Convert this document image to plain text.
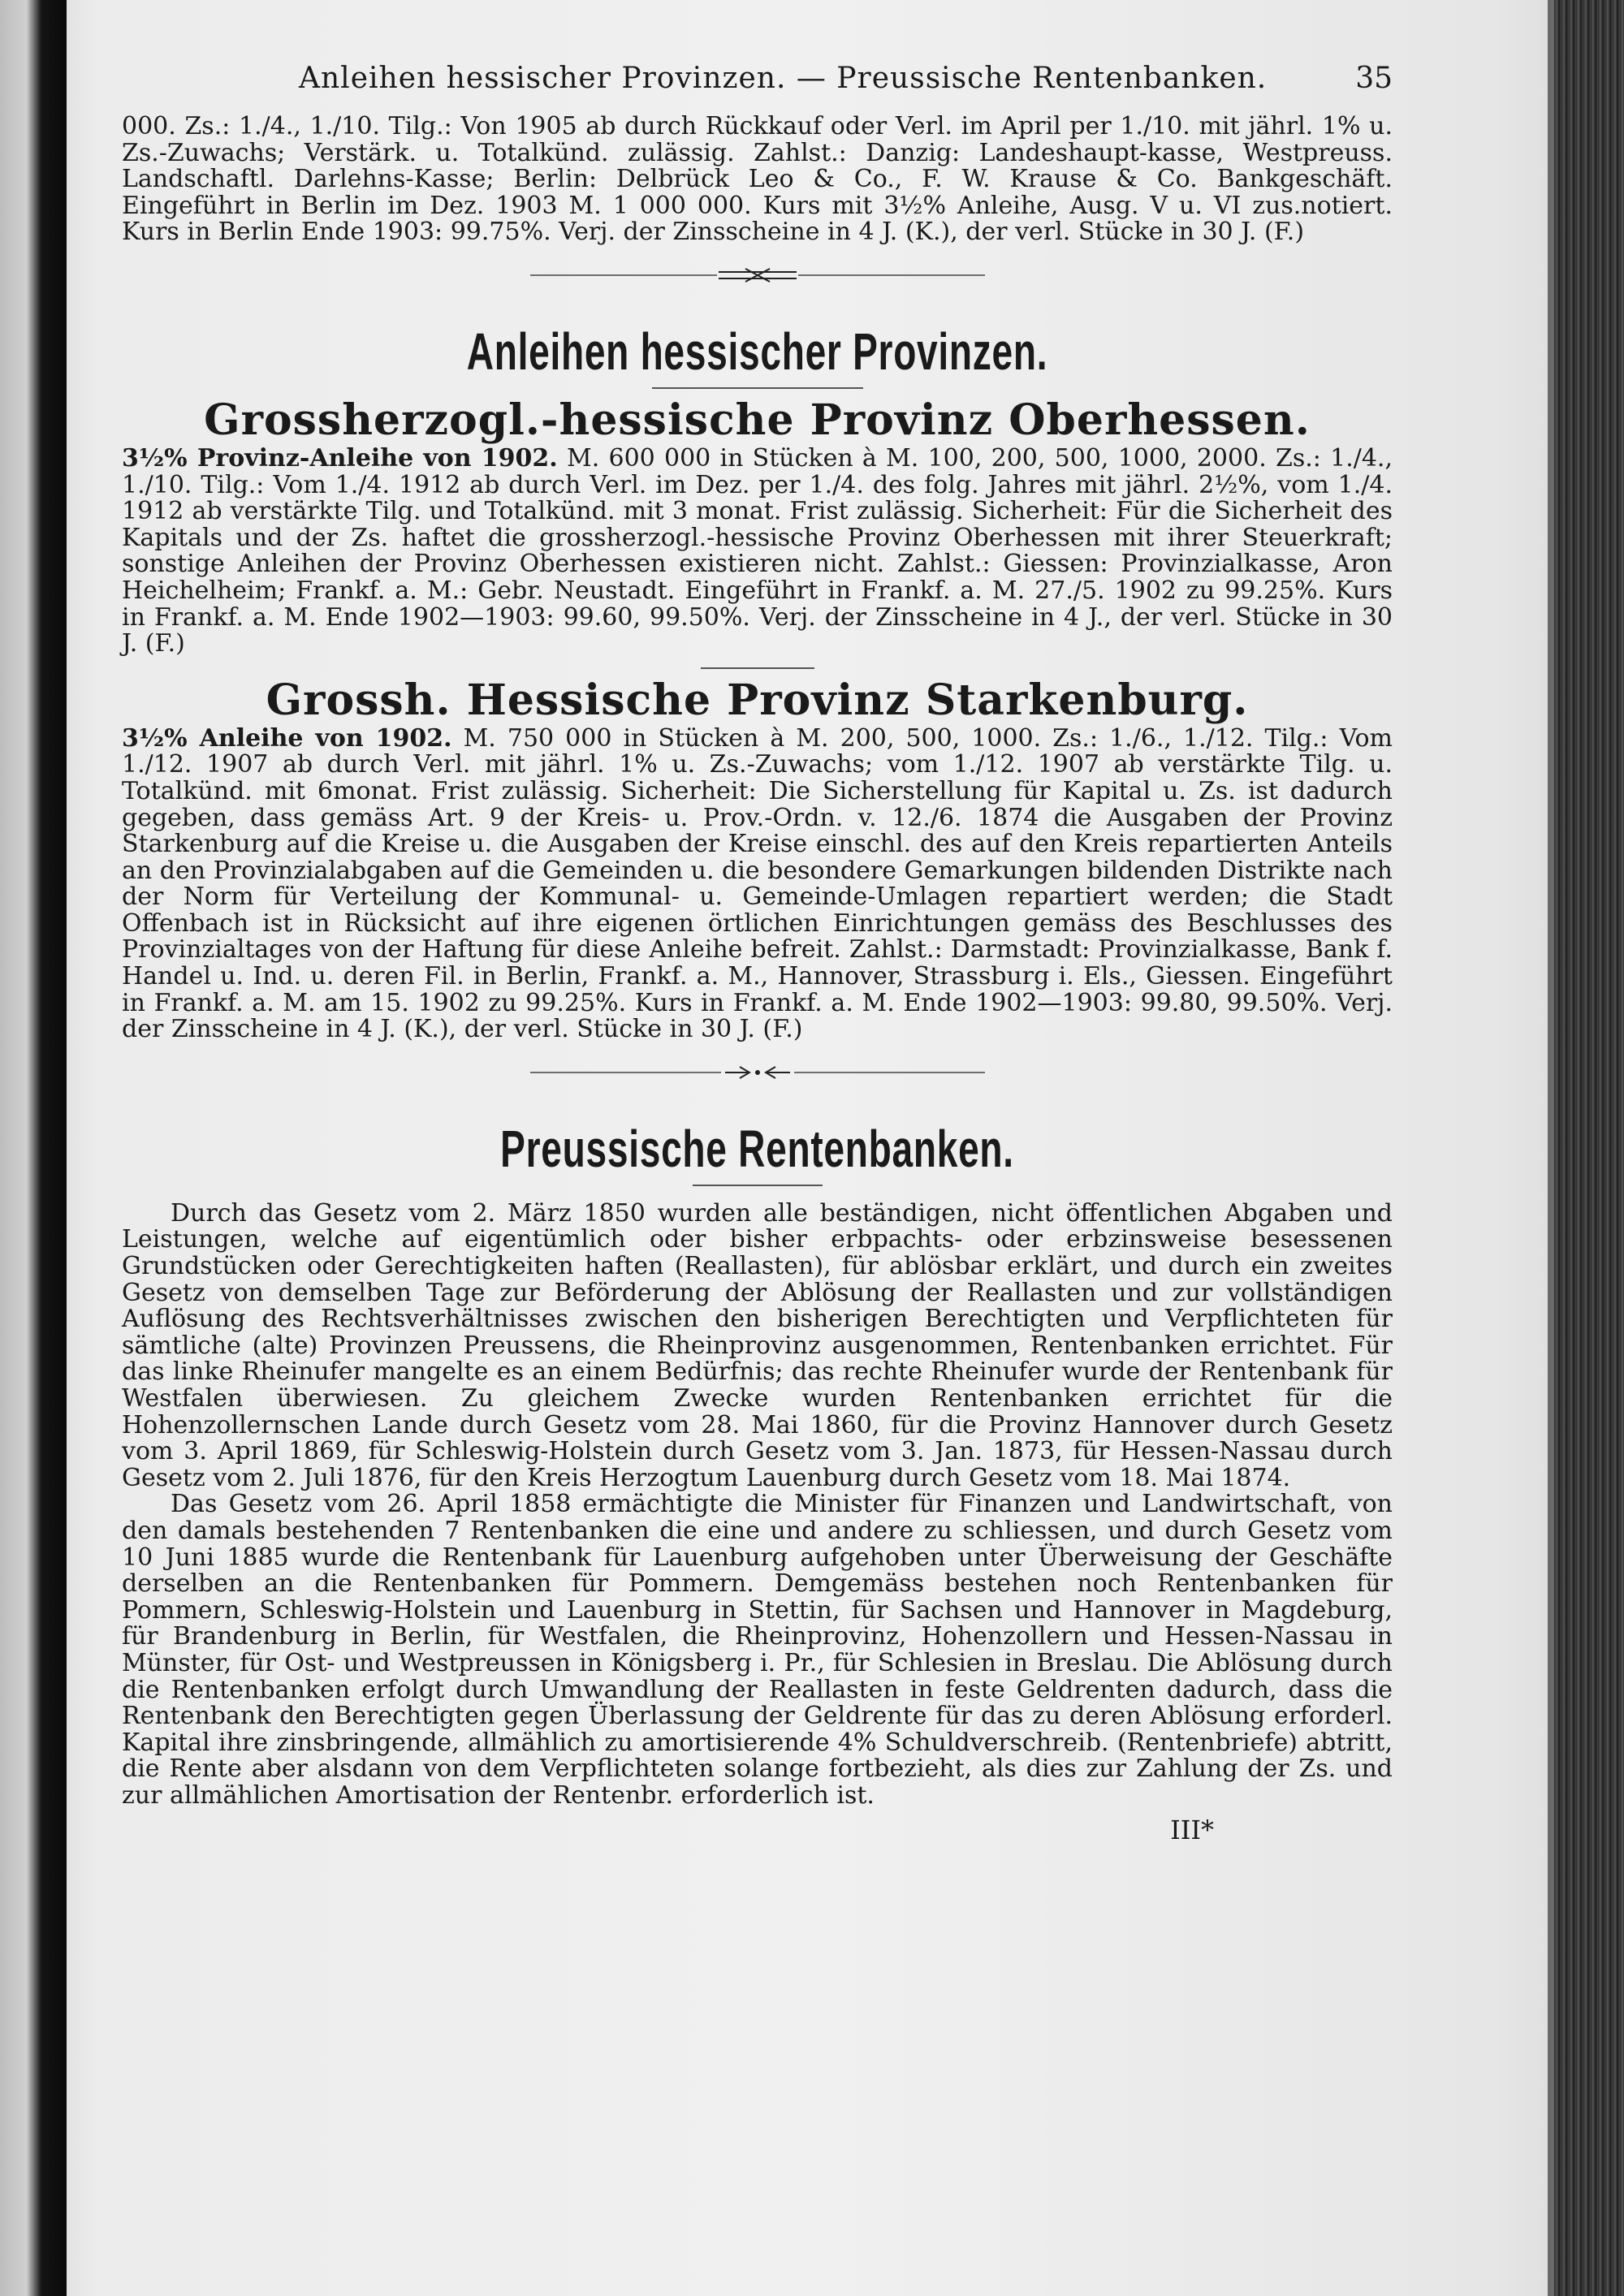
Anleihen hessischer Provinzen. — Preussische Rentenbanken.	35

000. Zs.: 1./4., 1./10. Tilg.: Von 1905 ab durch Rückkauf oder Verl. im April per 1./10. mit jährl. 1% u. Zs.-Zuwachs; Verstärk. u. Totalkünd. zulässig. Zahlst.: Danzig: Landeshaupt-kasse, Westpreuss. Landschaftl. Darlehns-Kasse; Berlin: Delbrück Leo & Co., F. W. Krause & Co. Bankgeschäft. Eingeführt in Berlin im Dez. 1903 M. 1 000 000. Kurs mit 3½% Anleihe, Ausg. V u. VI zus.notiert. Kurs in Berlin Ende 1903: 99.75%. Verj. der Zinsscheine in 4 J. (K.), der verl. Stücke in 30 J. (F.)

Anleihen hessischer Provinzen.
Grossherzogl.-hessische Provinz Oberhessen.

3½% Provinz-Anleihe von 1902. M. 600 000 in Stücken à M. 100, 200, 500, 1000, 2000. Zs.: 1./4., 1./10. Tilg.: Vom 1./4. 1912 ab durch Verl. im Dez. per 1./4. des folg. Jahres mit jährl. 2½%, vom 1./4. 1912 ab verstärkte Tilg. und Totalkünd. mit 3 monat. Frist zulässig. Sicherheit: Für die Sicherheit des Kapitals und der Zs. haftet die grossherzogl.-hessische Provinz Oberhessen mit ihrer Steuerkraft; sonstige Anleihen der Provinz Oberhessen existieren nicht. Zahlst.: Giessen: Provinzialkasse, Aron Heichelheim; Frankf. a. M.: Gebr. Neustadt. Eingeführt in Frankf. a. M. 27./5. 1902 zu 99.25%. Kurs in Frankf. a. M. Ende 1902—1903: 99.60, 99.50%. Verj. der Zinsscheine in 4 J., der verl. Stücke in 30 J. (F.)

Grossh. Hessische Provinz Starkenburg.

3½% Anleihe von 1902. M. 750 000 in Stücken à M. 200, 500, 1000. Zs.: 1./6., 1./12. Tilg.: Vom 1./12. 1907 ab durch Verl. mit jährl. 1% u. Zs.-Zuwachs; vom 1./12. 1907 ab verstärkte Tilg. u. Totalkünd. mit 6monat. Frist zulässig. Sicherheit: Die Sicherstellung für Kapital u. Zs. ist dadurch gegeben, dass gemäss Art. 9 der Kreis- u. Prov.-Ordn. v. 12./6. 1874 die Ausgaben der Provinz Starkenburg auf die Kreise u. die Ausgaben der Kreise einschl. des auf den Kreis repartierten Anteils an den Provinzialabgaben auf die Gemeinden u. die besondere Gemarkungen bildenden Distrikte nach der Norm für Verteilung der Kommunal- u. Gemeinde-Umlagen repartiert werden; die Stadt Offenbach ist in Rücksicht auf ihre eigenen örtlichen Einrichtungen gemäss des Beschlusses des Provinzialtages von der Haftung für diese Anleihe befreit. Zahlst.: Darmstadt: Provinzialkasse, Bank f. Handel u. Ind. u. deren Fil. in Berlin, Frankf. a. M., Hannover, Strassburg i. Els., Giessen. Eingeführt in Frankf. a. M. am 15. 1902 zu 99.25%. Kurs in Frankf. a. M. Ende 1902—1903: 99.80, 99.50%. Verj. der Zinsscheine in 4 J. (K.), der verl. Stücke in 30 J. (F.)

Preussische Rentenbanken.

Durch das Gesetz vom 2. März 1850 wurden alle beständigen, nicht öffentlichen Abgaben und Leistungen, welche auf eigentümlich oder bisher erbpachts- oder erbzinsweise besessenen Grundstücken oder Gerechtigkeiten haften (Reallasten), für ablösbar erklärt, und durch ein zweites Gesetz von demselben Tage zur Beförderung der Ablösung der Reallasten und zur vollständigen Auflösung des Rechtsverhältnisses zwischen den bisherigen Berechtigten und Verpflichteten für sämtliche (alte) Provinzen Preussens, die Rheinprovinz ausgenommen, Rentenbanken errichtet. Für das linke Rheinufer mangelte es an einem Bedürfnis; das rechte Rheinufer wurde der Rentenbank für Westfalen überwiesen. Zu gleichem Zwecke wurden Rentenbanken errichtet für die Hohenzollernschen Lande durch Gesetz vom 28. Mai 1860, für die Provinz Hannover durch Gesetz vom 3. April 1869, für Schleswig-Holstein durch Gesetz vom 3. Jan. 1873, für Hessen-Nassau durch Gesetz vom 2. Juli 1876, für den Kreis Herzogtum Lauenburg durch Gesetz vom 18. Mai 1874.

Das Gesetz vom 26. April 1858 ermächtigte die Minister für Finanzen und Landwirtschaft, von den damals bestehenden 7 Rentenbanken die eine und andere zu schliessen, und durch Gesetz vom 10 Juni 1885 wurde die Rentenbank für Lauenburg aufgehoben unter Überweisung der Geschäfte derselben an die Rentenbanken für Pommern. Demgemäss bestehen noch Rentenbanken für Pommern, Schleswig-Holstein und Lauenburg in Stettin, für Sachsen und Hannover in Magdeburg, für Brandenburg in Berlin, für Westfalen, die Rheinprovinz, Hohenzollern und Hessen-Nassau in Münster, für Ost- und Westpreussen in Königsberg i. Pr., für Schlesien in Breslau. Die Ablösung durch die Rentenbanken erfolgt durch Umwandlung der Reallasten in feste Geldrenten dadurch, dass die Rentenbank den Berechtigten gegen Überlassung der Geldrente für das zu deren Ablösung erforderl. Kapital ihre zinsbringende, allmählich zu amortisierende 4% Schuldverschreib. (Rentenbriefe) abtritt, die Rente aber alsdann von dem Verpflichteten solange fortbezieht, als dies zur Zahlung der Zs. und zur allmählichen Amortisation der Rentenbr. erforderlich ist.

III*
